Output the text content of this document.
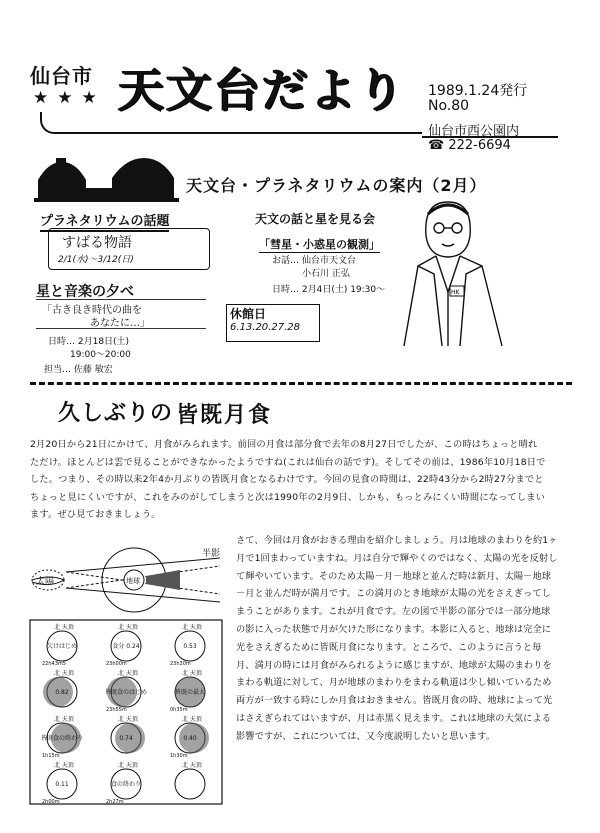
仙台市
★★★ 天文台だより 1989.1.24発行
No.80
仙台市西公園内
☎ 222-6694
天文台・プラネタリウムの案内（2月）
プラネタリウムの話題
すばる物語
2/1(水)～3/12(日)
星と音楽の夕べ
「古き良き時代の曲を
あなたに…」
日時… 2月18日(土)
19:00～20:00
担当… 佐藤 敏宏
天文の話と星を見る会
「彗星・小惑星の観測」
お話… 仙台市天文台
小石川 正弘
日時… 2月4日(土) 19:30～
休館日
6.13.20.27.28
HK
久しぶりの 皆既月食
2月20日から21日にかけて、月食がみられます。前回の月食は部分食で去年の8月27日でしたが、この時はちょっと晴れただけ。ほとんどは雲で見ることができなかったようですね(これは仙台の話です)。そしてその前は、1986年10月18日でした。つまり、その時以来2年4か月ぶりの皆既月食となるわけです。今回の見食の時間は、22時43分から2時27分までとちょっと見にくいですが、これをみのがしてしまうと次は1990年の2月9日、しかも、もっとみにくい時間になってしまいます。ぜひ見ておきましょう。
さて、今回は月食がおきる理由を紹介しましょう。月は地球のまわりを約1ヶ月で1回まわっていますね。月は自分で輝やくのではなく、太陽の光を反射して輝やいています。そのため太陽－月－地球と並んだ時は新月、太陽－地球－月と並んだ時が満月です。この満月のとき地球が太陽の光をさえぎってしまうことがあります。これが月食です。左の図で半影の部分では一部分地球の影に入った状態で月が欠けた形になります。本影に入ると、地球は完全に光をさえぎるために皆既月食になります。ところで、このように言うと毎月、満月の時には月食がみられるように感じますが、地球が太陽のまわりをまわる軌道に対して、月が地球のまわりをまわる軌道は少し傾いているため両方が一致する時にしか月食はおきません。皆既月食の時、地球によって光はさえぎられてはいますが、月は赤黒く見えます。これは地球の大気による影響ですが、これについては、又今度説明したいと思います。
太陽	地球
半影
北 天頂
欠けはじめ
22h43m5
北 天頂
食分 0.24
23h00m
北 天頂
0.53
23h30m
北 天頂
0.82
北 天頂
皆既食のはじめ
23h55m
北 天頂
皆既の最大
0h35m
北 天頂
皆既食の終わり
1h15m
北 天頂
0.74
北 天頂
0.40
1h30m
北 天頂
0.11
2h00m
北 天頂
食の終わり
2h27m
北 天頂
